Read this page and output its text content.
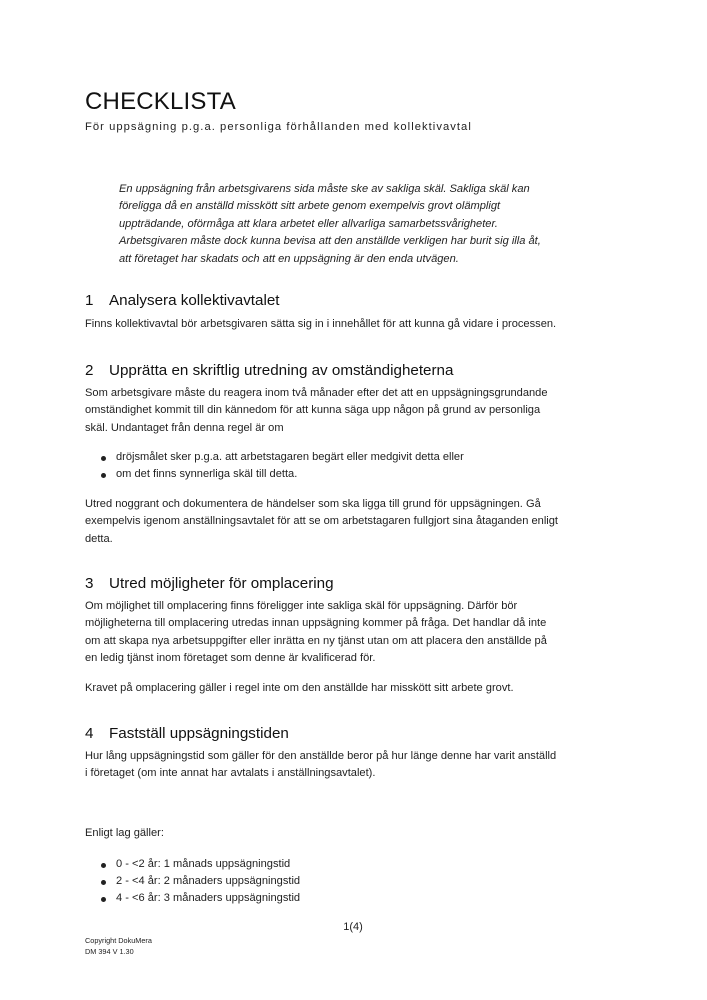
CHECKLISTA
För uppsägning p.g.a. personliga förhållanden med kollektivavtal

En uppsägning från arbetsgivarens sida måste ske av sakliga skäl. Sakliga skäl kan

föreligga då en anställd misskött sitt arbete genom exempelvis grovt olämpligt

uppträdande, oförmåga att klara arbetet eller allvarliga samarbetssvårigheter.

Arbetsgivaren måste dock kunna bevisa att den anställde verkligen har burit sig illa åt,

att företaget har skadats och att en uppsägning är den enda utvägen.

1 Analysera kollektivavtalet

Finns kollektivavtal bör arbetsgivaren sätta sig in i innehållet för att kunna gå vidare i processen.

2 Upprätta en skriftlig utredning av omständigheterna

Som arbetsgivare måste du reagera inom två månader efter det att en uppsägningsgrundande

omständighet kommit till din kännedom för att kunna säga upp någon på grund av personliga

skäl. Undantaget från denna regel är om

dröjsmålet sker p.g.a. att arbetstagaren begärt eller medgivit detta eller
om det finns synnerliga skäl till detta.

Utred noggrant och dokumentera de händelser som ska ligga till grund för uppsägningen. Gå

exempelvis igenom anställningsavtalet för att se om arbetstagaren fullgjort sina åtaganden enligt

detta.

3 Utred möjligheter för omplacering

Om möjlighet till omplacering finns föreligger inte sakliga skäl för uppsägning. Därför bör

möjligheterna till omplacering utredas innan uppsägning kommer på fråga. Det handlar då inte

om att skapa nya arbetsuppgifter eller inrätta en ny tjänst utan om att placera den anställde på

en ledig tjänst inom företaget som denne är kvalificerad för.

Kravet på omplacering gäller i regel inte om den anställde har misskött sitt arbete grovt.

4 Fastställ uppsägningstiden

Hur lång uppsägningstid som gäller för den anställde beror på hur länge denne har varit anställd

i företaget (om inte annat har avtalats i anställningsavtalet).

Enligt lag gäller:

0 - <2 år: 1 månads uppsägningstid
2 - <4 år: 2 månaders uppsägningstid
4 - <6 år: 3 månaders uppsägningstid
1(4)
Copyright DokuMera
DM 394 V 1.30
